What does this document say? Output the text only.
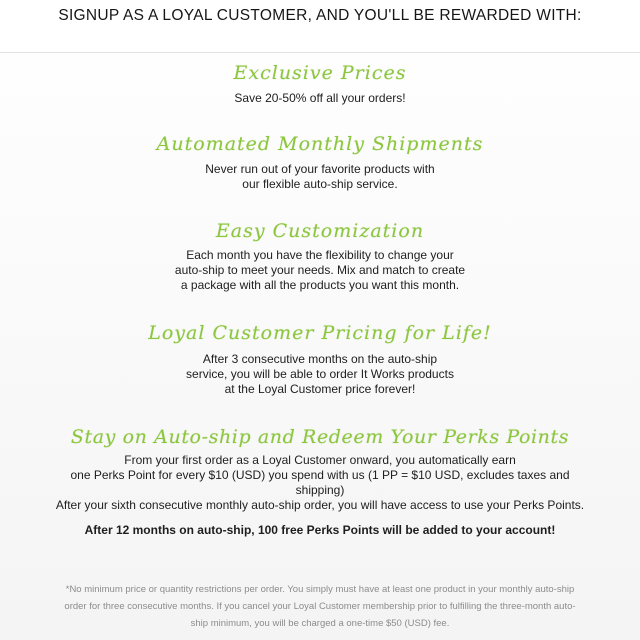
SIGNUP AS A LOYAL CUSTOMER, AND YOU'LL BE REWARDED WITH:
Exclusive Prices
Save 20-50% off all your orders!
Automated Monthly Shipments
Never run out of your favorite products with
our flexible auto-ship service.
Easy Customization
Each month you have the flexibility to change your
auto-ship to meet your needs. Mix and match to create
a package with all the products you want this month.
Loyal Customer Pricing for Life!
After 3 consecutive months on the auto-ship
service, you will be able to order It Works products
at the Loyal Customer price forever!
Stay on Auto-ship and Redeem Your Perks Points
From your first order as a Loyal Customer onward, you automatically earn
one Perks Point for every $10 (USD) you spend with us (1 PP = $10 USD, excludes taxes and
shipping)
After your sixth consecutive monthly auto-ship order, you will have access to use your Perks Points.
After 12 months on auto-ship, 100 free Perks Points will be added to your account!
*No minimum price or quantity restrictions per order. You simply must have at least one product in your monthly auto-ship
order for three consecutive months. If you cancel your Loyal Customer membership prior to fulfilling the three-month auto-
ship minimum, you will be charged a one-time $50 (USD) fee.
